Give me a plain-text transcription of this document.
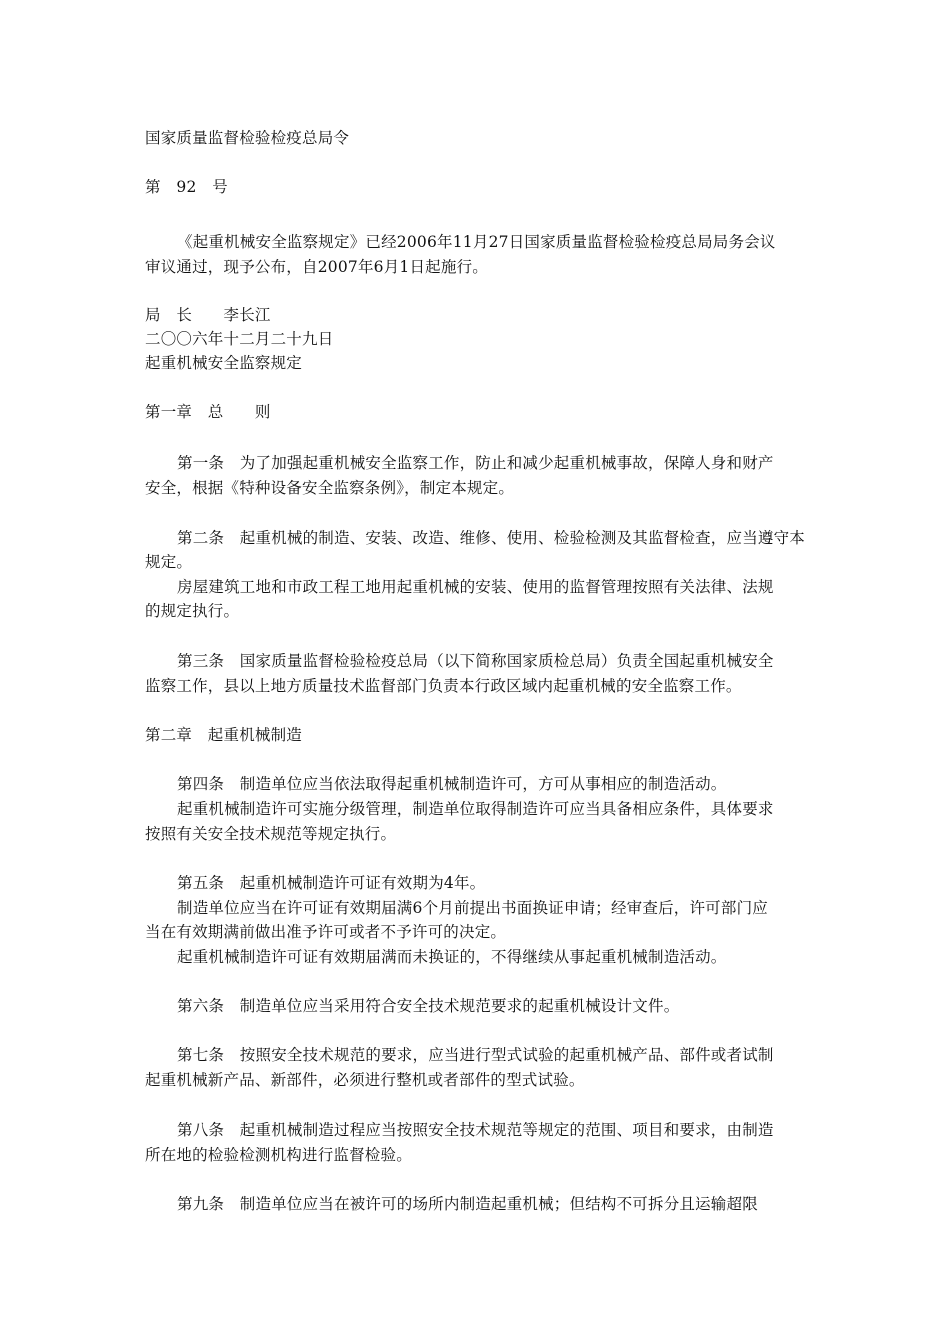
国家质量监督检验检疫总局令
第　92　号
《起重机械安全监察规定》已经2006年11月27日国家质量监督检验检疫总局局务会议
审议通过，现予公布，自2007年6月1日起施行。
局　长　　李长江
二〇〇六年十二月二十九日
起重机械安全监察规定
第一章　总　　则
第一条　为了加强起重机械安全监察工作，防止和减少起重机械事故，保障人身和财产
安全，根据《特种设备安全监察条例》，制定本规定。
第二条　起重机械的制造、安装、改造、维修、使用、检验检测及其监督检查，应当遵守本
规定。
房屋建筑工地和市政工程工地用起重机械的安装、使用的监督管理按照有关法律、法规
的规定执行。
第三条　国家质量监督检验检疫总局（以下简称国家质检总局）负责全国起重机械安全
监察工作，县以上地方质量技术监督部门负责本行政区域内起重机械的安全监察工作。
第二章　起重机械制造
第四条　制造单位应当依法取得起重机械制造许可，方可从事相应的制造活动。
起重机械制造许可实施分级管理，制造单位取得制造许可应当具备相应条件，具体要求
按照有关安全技术规范等规定执行。
第五条　起重机械制造许可证有效期为4年。
制造单位应当在许可证有效期届满6个月前提出书面换证申请；经审查后，许可部门应
当在有效期满前做出准予许可或者不予许可的决定。
起重机械制造许可证有效期届满而未换证的，不得继续从事起重机械制造活动。
第六条　制造单位应当采用符合安全技术规范要求的起重机械设计文件。
第七条　按照安全技术规范的要求，应当进行型式试验的起重机械产品、部件或者试制
起重机械新产品、新部件，必须进行整机或者部件的型式试验。
第八条　起重机械制造过程应当按照安全技术规范等规定的范围、项目和要求，由制造
所在地的检验检测机构进行监督检验。
第九条　制造单位应当在被许可的场所内制造起重机械；但结构不可拆分且运输超限
